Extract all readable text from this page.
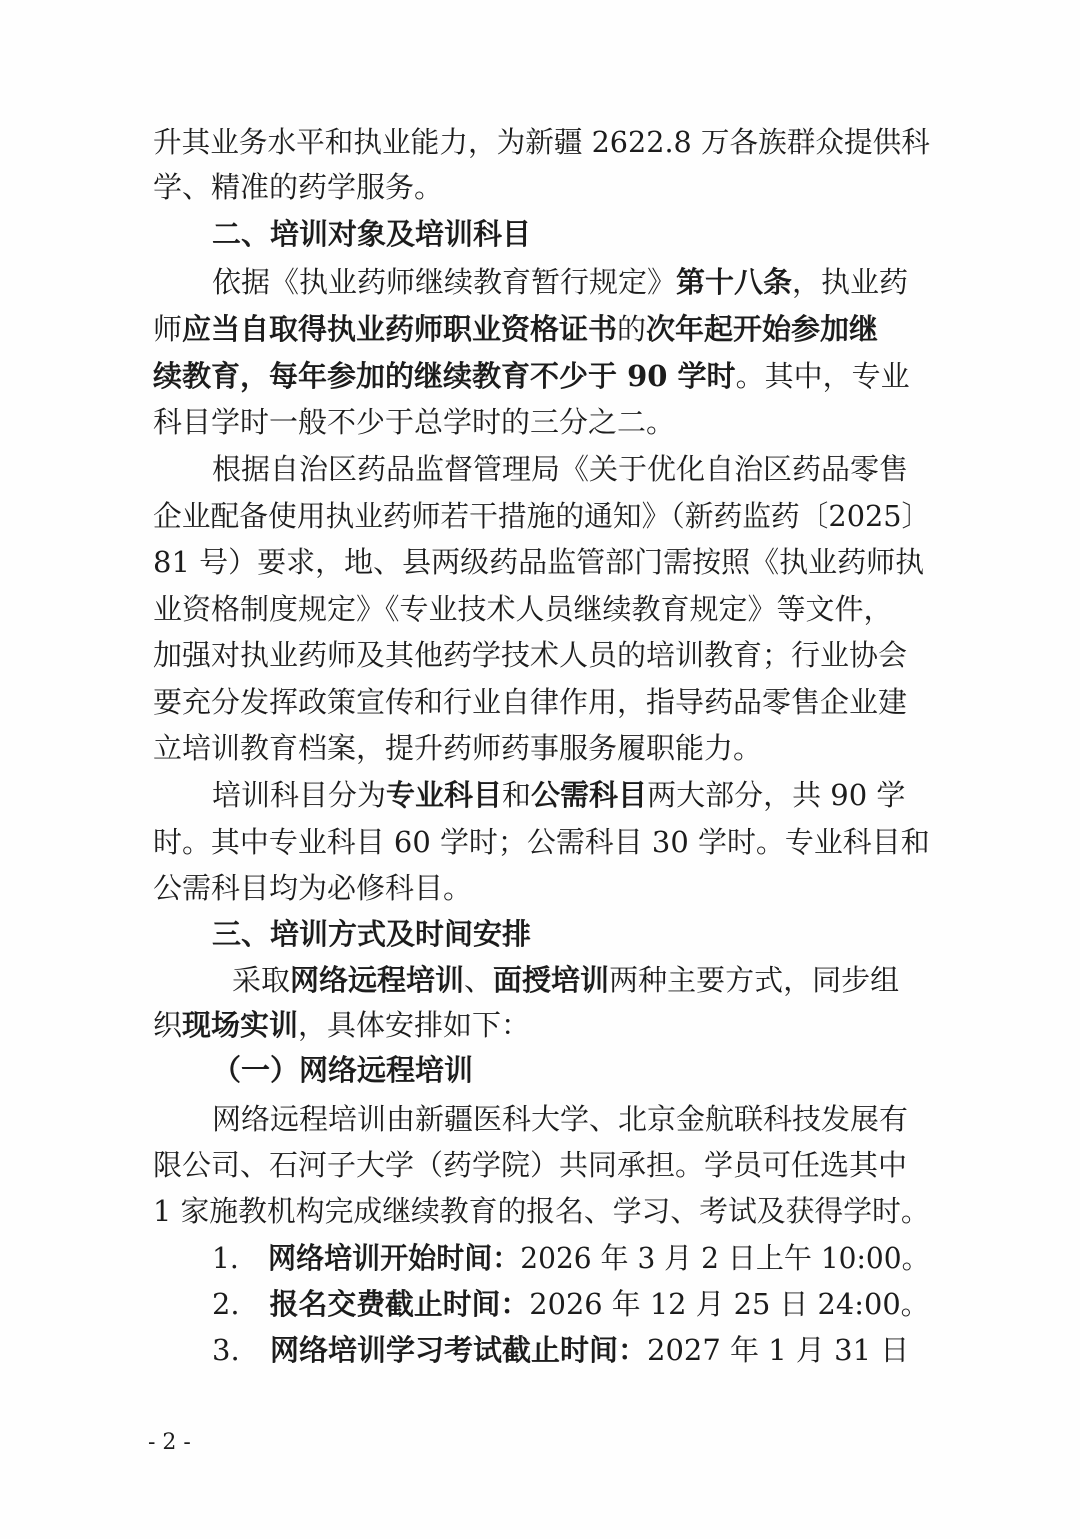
升其业务水平和执业能力，为新疆 2622.8 万各族群众提供科
学、精准的药学服务。
二、培训对象及培训科目
依据《执业药师继续教育暂行规定》第十八条，执业药
师应当自取得执业药师职业资格证书的次年起开始参加继
续教育，每年参加的继续教育不少于 90 学时。其中，专业
科目学时一般不少于总学时的三分之二。
根据自治区药品监督管理局《关于优化自治区药品零售
企业配备使用执业药师若干措施的通知》（新药监药〔2025〕
81 号）要求，地、县两级药品监管部门需按照《执业药师执
业资格制度规定》《专业技术人员继续教育规定》等文件，
加强对执业药师及其他药学技术人员的培训教育；行业协会
要充分发挥政策宣传和行业自律作用，指导药品零售企业建
立培训教育档案，提升药师药事服务履职能力。
培训科目分为专业科目和公需科目两大部分，共 90 学
时。其中专业科目 60 学时；公需科目 30 学时。专业科目和
公需科目均为必修科目。
三、培训方式及时间安排
采取网络远程培训、面授培训两种主要方式，同步组
织现场实训，具体安排如下：
（一）网络远程培训
网络远程培训由新疆医科大学、北京金航联科技发展有
限公司、石河子大学（药学院）共同承担。学员可任选其中
1 家施教机构完成继续教育的报名、学习、考试及获得学时。
1. 网络培训开始时间：2026 年 3 月 2 日上午 10:00。
2. 报名交费截止时间：2026 年 12 月 25 日 24:00。
3. 网络培训学习考试截止时间：2027 年 1 月 31 日
- 2 -
